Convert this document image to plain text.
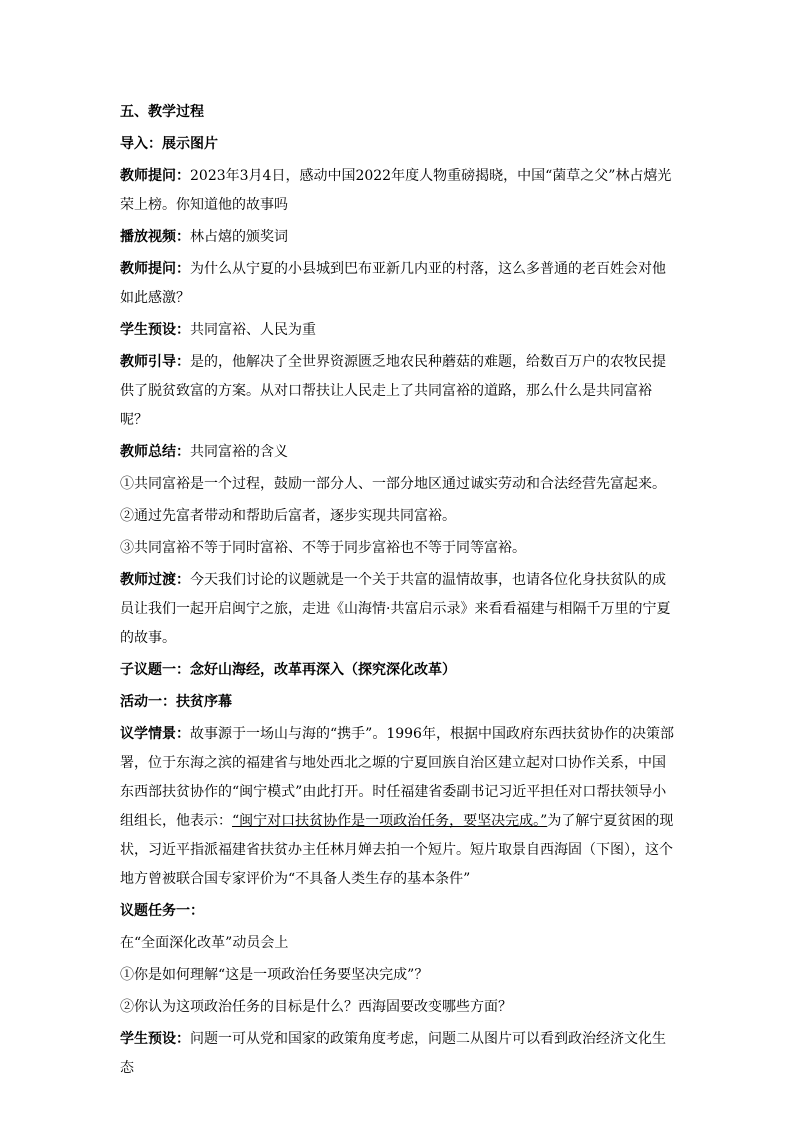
五、教学过程

导入：展示图片

教师提问：2023年3月4日，感动中国2022年度人物重磅揭晓，中国“菌草之父”林占熺光荣上榜。你知道他的故事吗

播放视频：林占熺的颁奖词

教师提问：为什么从宁夏的小县城到巴布亚新几内亚的村落，这么多普通的老百姓会对他如此感激？

学生预设：共同富裕、人民为重

教师引导：是的，他解决了全世界资源匮乏地农民种蘑菇的难题，给数百万户的农牧民提供了脱贫致富的方案。从对口帮扶让人民走上了共同富裕的道路，那么什么是共同富裕呢？

教师总结：共同富裕的含义

①共同富裕是一个过程，鼓励一部分人、一部分地区通过诚实劳动和合法经营先富起来。

②通过先富者带动和帮助后富者，逐步实现共同富裕。

③共同富裕不等于同时富裕、不等于同步富裕也不等于同等富裕。

教师过渡：今天我们讨论的议题就是一个关于共富的温情故事，也请各位化身扶贫队的成员让我们一起开启闽宁之旅，走进《山海情·共富启示录》来看看福建与相隔千万里的宁夏的故事。

子议题一：念好山海经，改革再深入（探究深化改革）

活动一：扶贫序幕

议学情景：故事源于一场山与海的“携手”。1996年，根据中国政府东西扶贫协作的决策部署，位于东海之滨的福建省与地处西北之塬的宁夏回族自治区建立起对口协作关系，中国东西部扶贫协作的“闽宁模式”由此打开。时任福建省委副书记习近平担任对口帮扶领导小组组长，他表示：“闽宁对口扶贫协作是一项政治任务，要坚决完成。”为了解宁夏贫困的现状，习近平指派福建省扶贫办主任林月婵去拍一个短片。短片取景自西海固（下图），这个地方曾被联合国专家评价为“不具备人类生存的基本条件”

议题任务一：

在“全面深化改革”动员会上

①你是如何理解“这是一项政治任务要坚决完成”？

②你认为这项政治任务的目标是什么？西海固要改变哪些方面？

学生预设：问题一可从党和国家的政策角度考虑，问题二从图片可以看到政治经济文化生态
